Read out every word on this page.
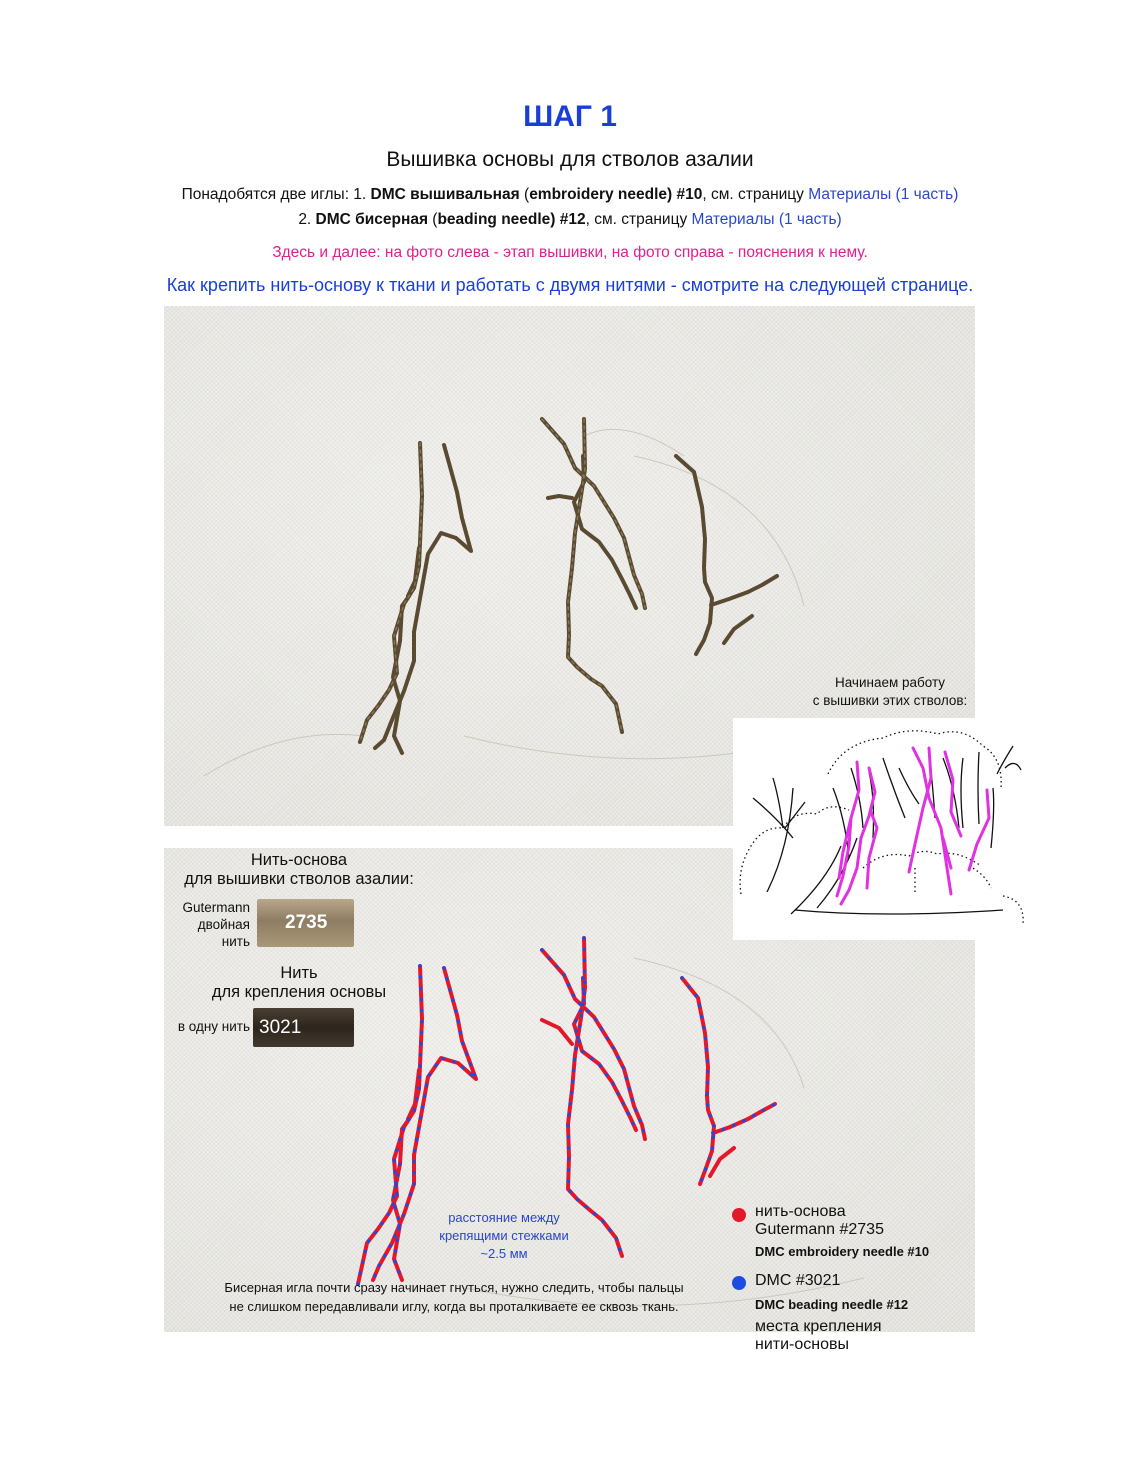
ШАГ 1
Вышивка основы для стволов азалии
Понадобятся две иглы: 1. DMC вышивальная (embroidery needle) #10, см. страницу Материалы (1 часть)
2. DMC бисерная (beading needle) #12, см. страницу Материалы (1 часть)
Здесь и далее: на фото слева - этап вышивки, на фото справа - пояснения к нему.
Как крепить нить-основу к ткани и работать с двумя нитями - смотрите на следующей странице.
Начинаем работу
с вышивки этих стволов:
Нить-основа
для вышивки стволов азалии:
Gutermann
двойная
нить
2735
Нить
для крепления основы
в одну нить 3021
расстояние между
крепящими стежками
~2.5 мм
Бисерная игла почти сразу начинает гнуться, нужно следить, чтобы пальцы
не слишком передавливали иглу, когда вы проталкиваете ее сквозь ткань.
нить-основа
Gutermann #2735
DMC embroidery needle #10
DMC #3021
DMC beading needle #12
места крепления
нити-основы
